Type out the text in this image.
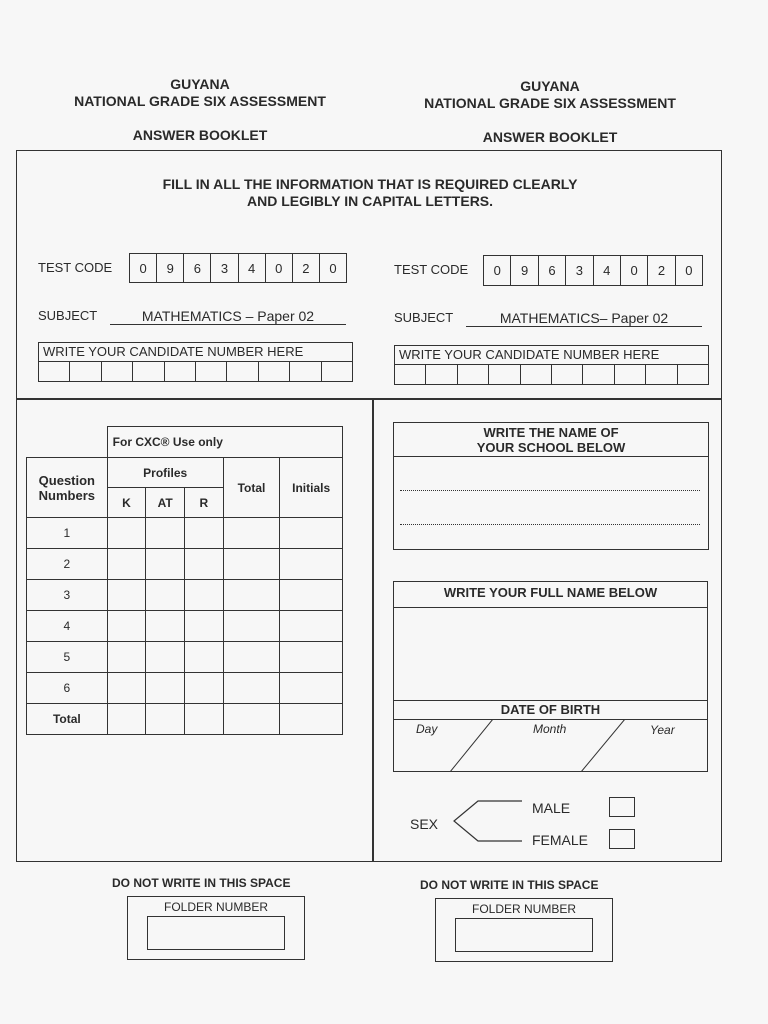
GUYANA
NATIONAL GRADE SIX ASSESSMENT
ANSWER BOOKLET
GUYANA
NATIONAL GRADE SIX ASSESSMENT
ANSWER BOOKLET
FILL IN ALL THE INFORMATION THAT IS REQUIRED CLEARLY
AND LEGIBLY IN CAPITAL LETTERS.
TEST CODE	0	9	6	3	4	0	2	0	TEST CODE	0	9	6	3	4	0	2	0
SUBJECT	MATHEMATICS – Paper 02	SUBJECT	MATHEMATICS– Paper 02
WRITE YOUR CANDIDATE NUMBER HERE	WRITE YOUR CANDIDATE NUMBER HERE
	For CXC® Use only				
Question Numbers	Profiles			Total	Initials
	K	AT	R		
1					
2					
3					
4					
5					
6					
Total					
WRITE THE NAME OF
YOUR SCHOOL BELOW
WRITE YOUR FULL NAME BELOW
DATE OF BIRTH
Day	Month	Year
SEX
MALE
FEMALE
DO NOT WRITE IN THIS SPACE
FOLDER NUMBER
DO NOT WRITE IN THIS SPACE
FOLDER NUMBER
